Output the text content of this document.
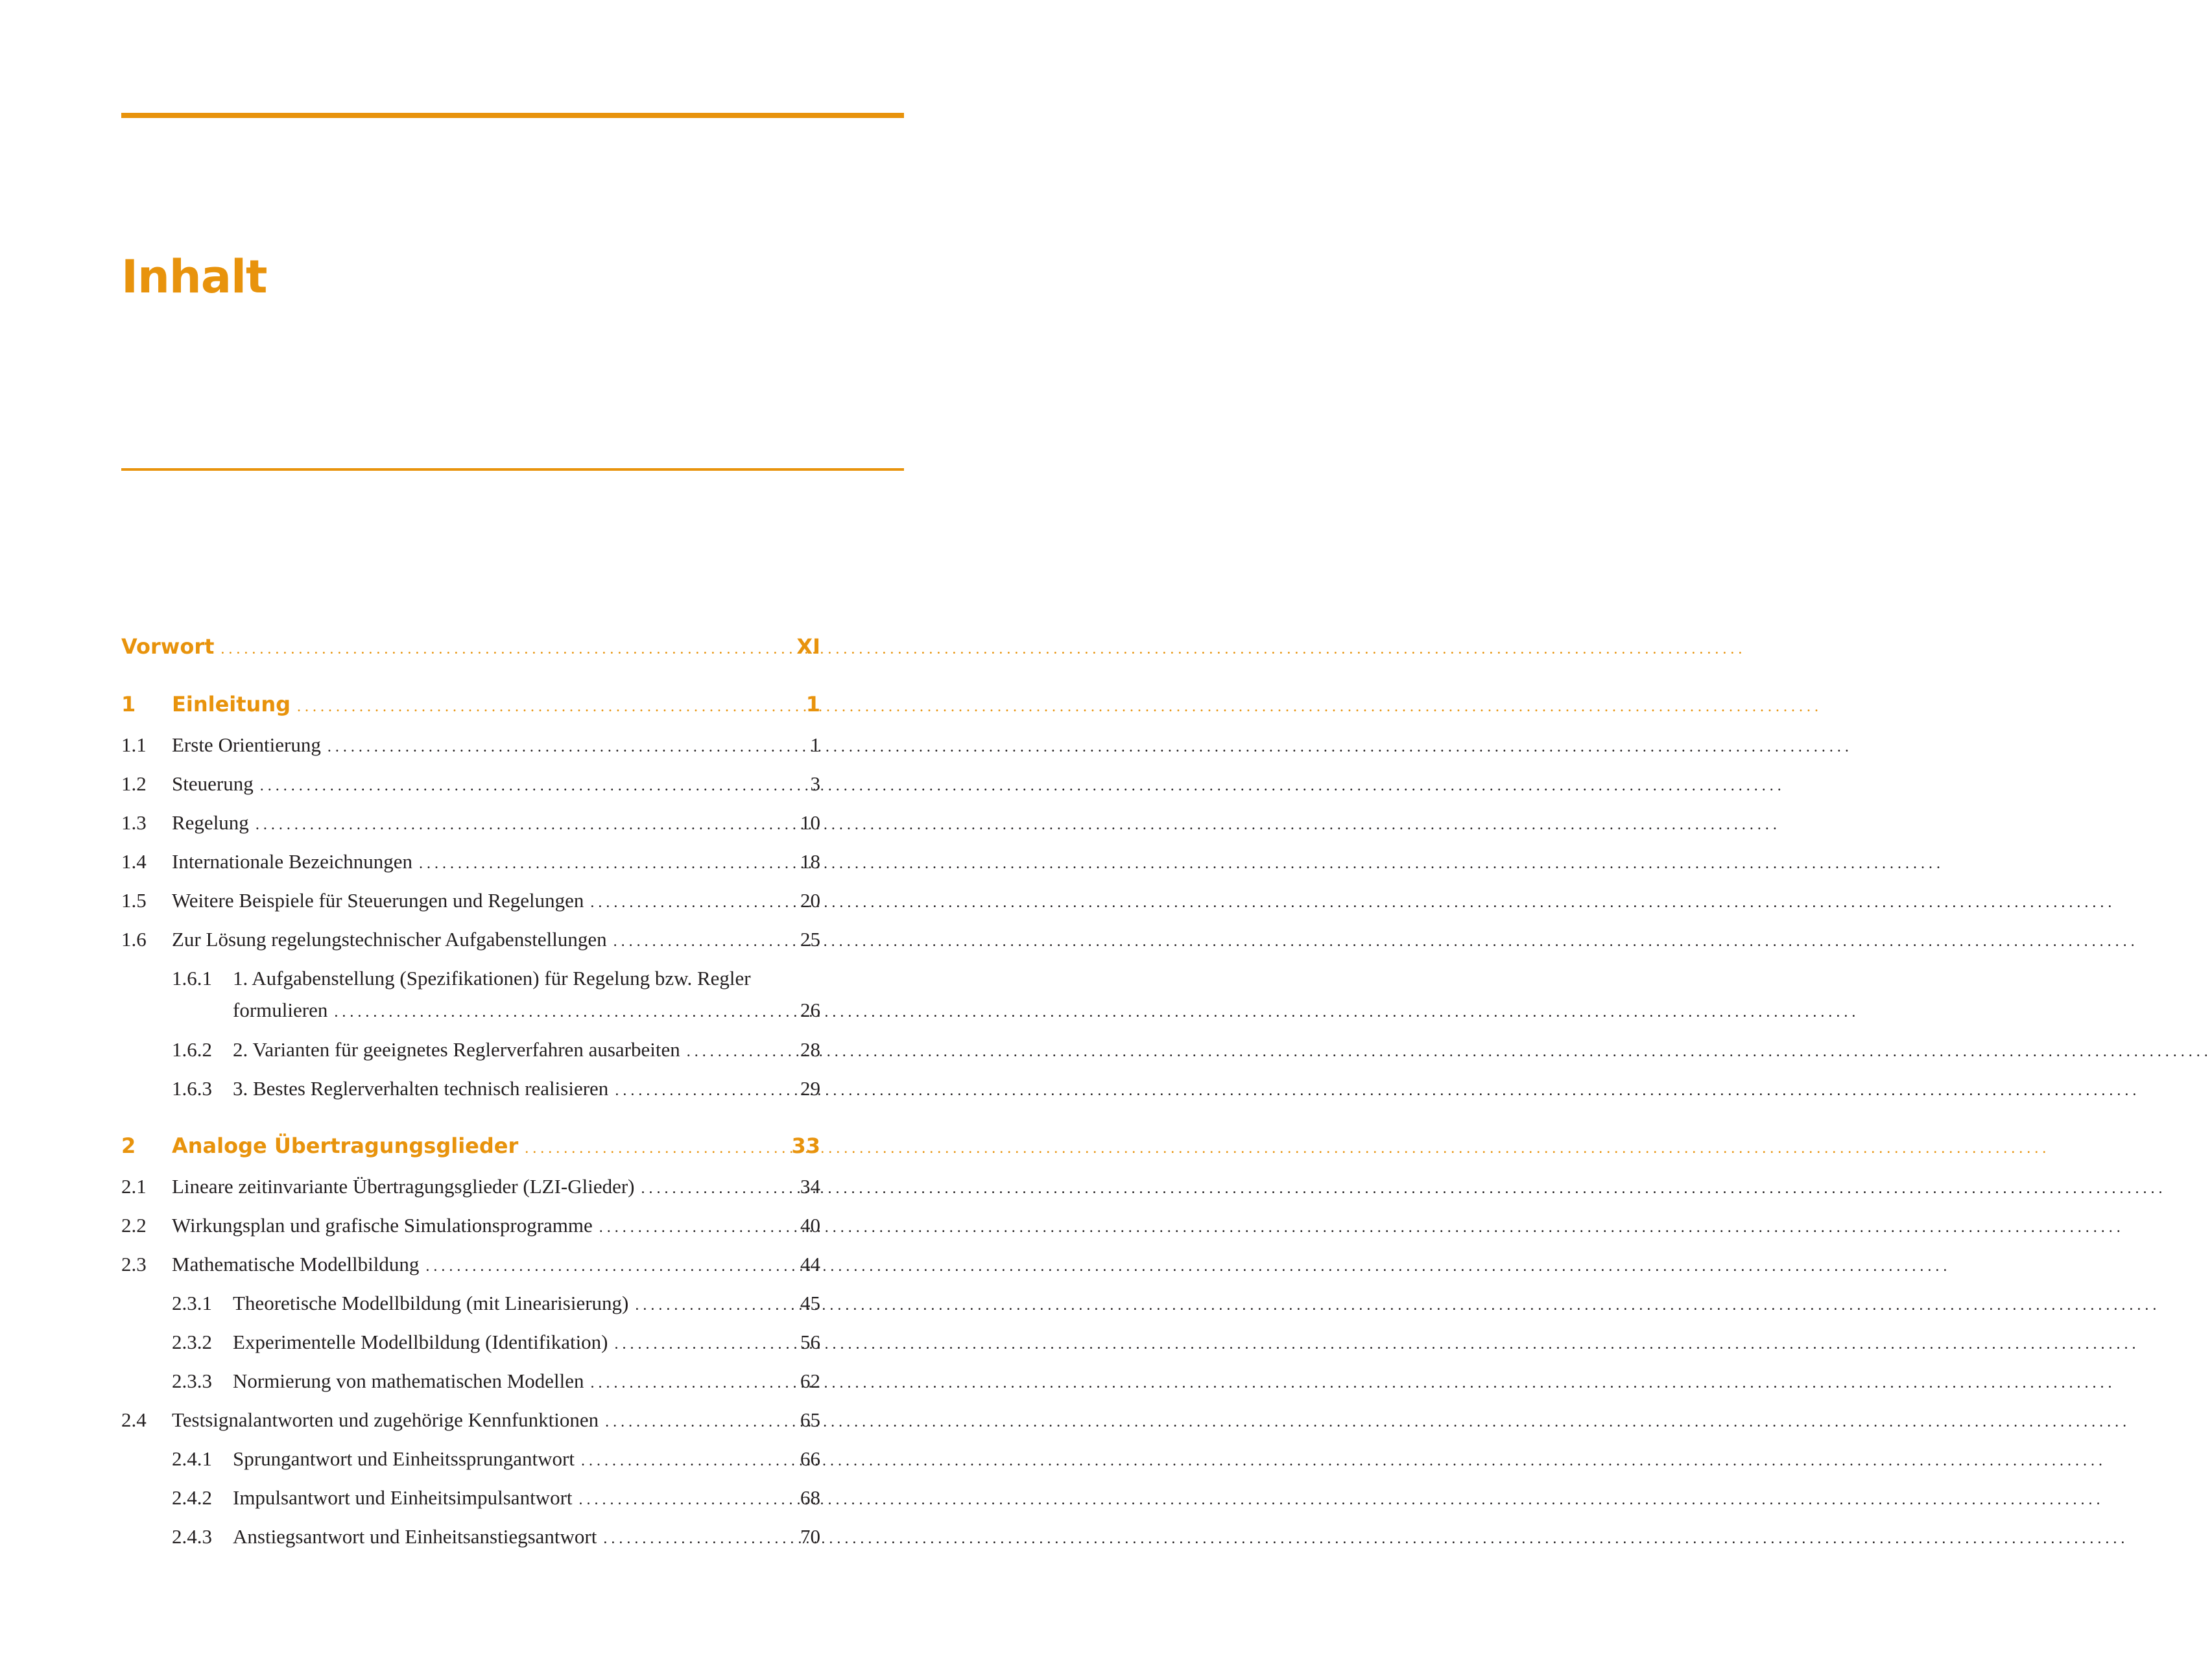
Inhalt
Vorwort .....	XI
1	Einleitung .....	1
1.1	Erste Orientierung .....	1
1.2	Steuerung .....	3
1.3	Regelung .....	10
1.4	Internationale Bezeichnungen .....	18
1.5	Weitere Beispiele für Steuerungen und Regelungen .....	20
1.6	Zur Lösung regelungstechnischer Aufgabenstellungen .....	25
1.6.1 1. Aufgabenstellung (Spezifikationen) für Regelung bzw. Regler
formulieren .....	26
1.6.2	2. Varianten für geeignetes Reglerverfahren ausarbeiten .....	28
1.6.3	3. Bestes Reglerverhalten technisch realisieren .....	29
2	Analoge Übertragungsglieder .....	33
2.1	Lineare zeitinvariante Übertragungsglieder (LZI-Glieder) .....	34
2.2	Wirkungsplan und grafische Simulationsprogramme .....	40
2.3	Mathematische Modellbildung .....	44
2.3.1	Theoretische Modellbildung (mit Linearisierung) .....	45
2.3.2	Experimentelle Modellbildung (Identifikation) .....	56
2.3.3	Normierung von mathematischen Modellen .....	62
2.4	Testsignalantworten und zugehörige Kennfunktionen .....	65
2.4.1	Sprungantwort und Einheitssprungantwort .....	66
2.4.2	Impulsantwort und Einheitsimpulsantwort .....	68
2.4.3	Anstiegsantwort und Einheitsanstiegsantwort .....	70
